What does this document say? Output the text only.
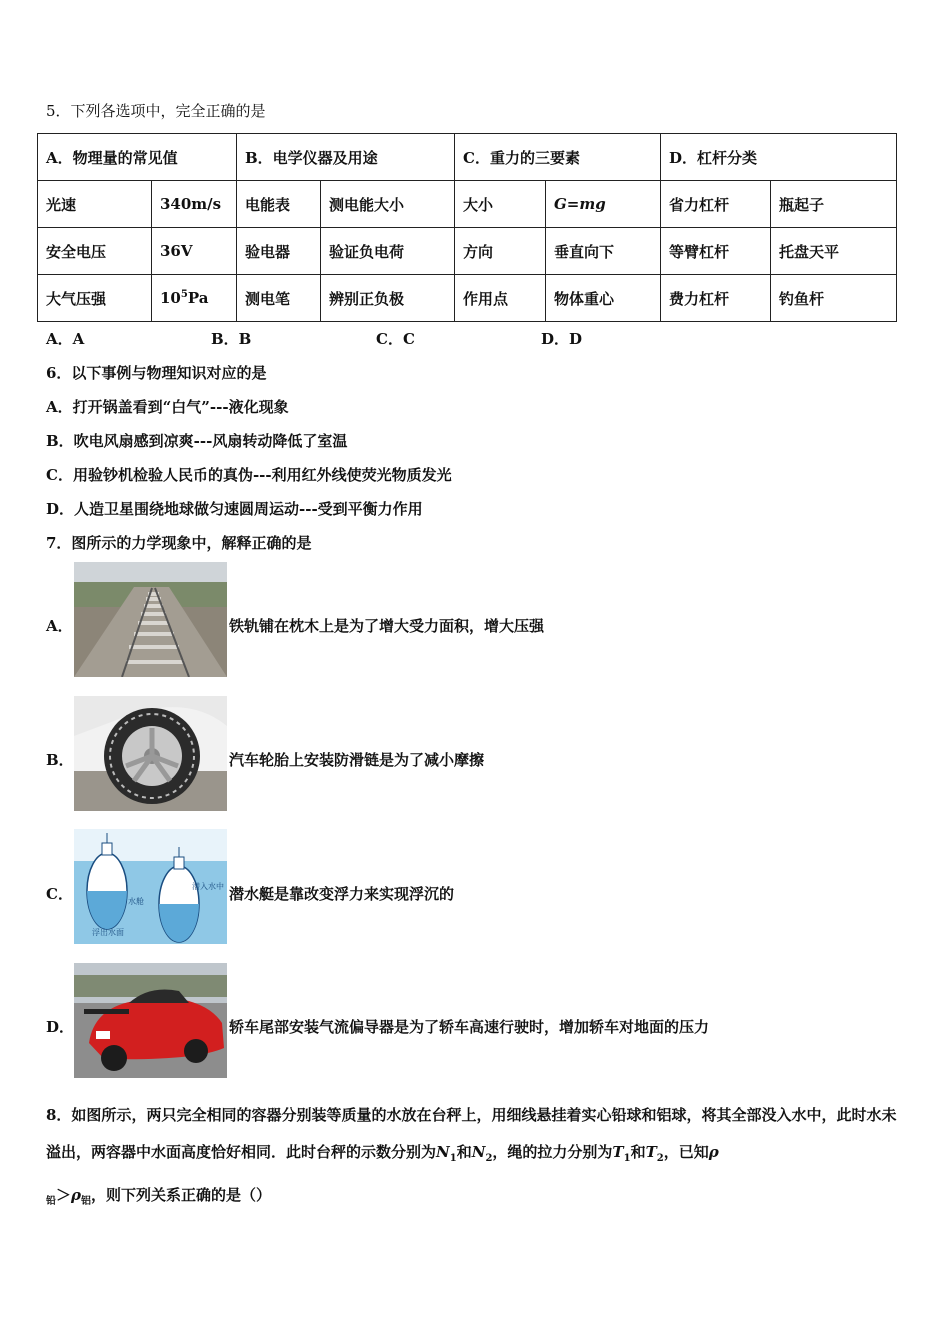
5．下列各选项中，完全正确的是
A．物理量的常见值		B．电学仪器及用途		C．重力的三要素		D．杠杆分类	
光速	340m/s	电能表	测电能大小	大小	G=mg	省力杠杆	瓶起子
安全电压	36V	验电器	验证负电荷	方向	垂直向下	等臂杠杆	托盘天平
大气压强	$10^5Pa$	测电笔	辨别正负极	作用点	物体重心	费力杠杆	钓鱼杆
A．A	B．B	C．C	D．D
6．以下事例与物理知识对应的是
A．打开锅盖看到“白气”---液化现象
B．吹电风扇感到凉爽---风扇转动降低了室温
C．用验钞机检验人民币的真伪---利用红外线使荧光物质发光
D．人造卫星围绕地球做匀速圆周运动---受到平衡力作用
7．图所示的力学现象中，解释正确的是
A．	铁轨铺在枕木上是为了增大受力面积，增大压强
B．	汽车轮胎上安装防滑链是为了减小摩擦
潜入水中
水舱
浮出水面
C．	潜水艇是靠改变浮力来实现浮沉的
D．	轿车尾部安装气流偏导器是为了轿车高速行驶时，增加轿车对地面的压力
8．如图所示，两只完全相同的容器分别装等质量的水放在台秤上，用细线悬挂着实心铅球和铝球，将其全部没入水中，此时水未溢出，两容器中水面高度恰好相同．此时台秤的示数分别为$N_1$和$N_2$，绳的拉力分别为$T_1$和$T_2$，已知ρ
$_铅>\rho_铝$，则下列关系正确的是（）
